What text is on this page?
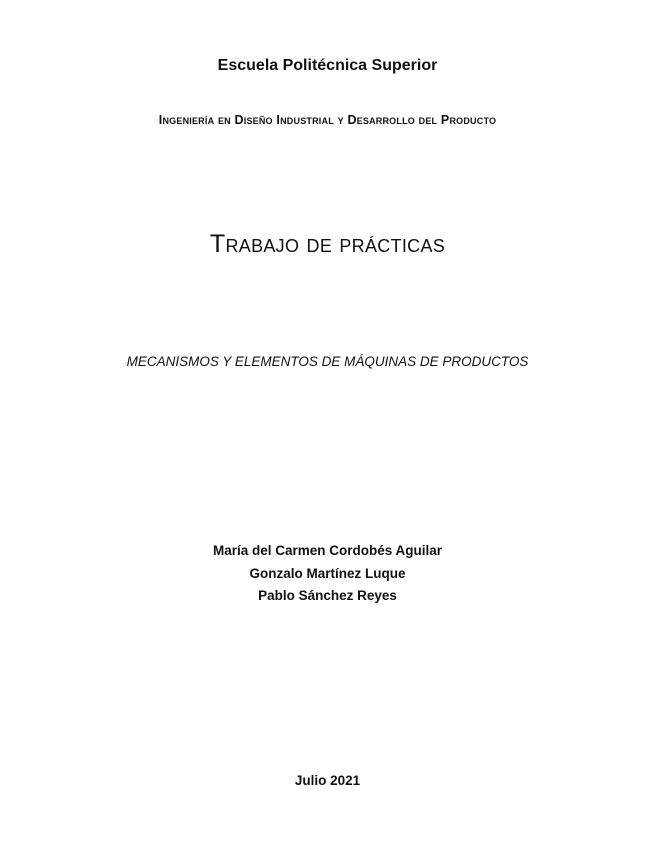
Escuela Politécnica Superior
Ingeniería en Diseño Industrial y Desarrollo del Producto
Trabajo de prácticas
MECANISMOS Y ELEMENTOS DE MÁQUINAS DE PRODUCTOS
María del Carmen Cordobés Aguilar
Gonzalo Martínez Luque
Pablo Sánchez Reyes
Julio 2021
